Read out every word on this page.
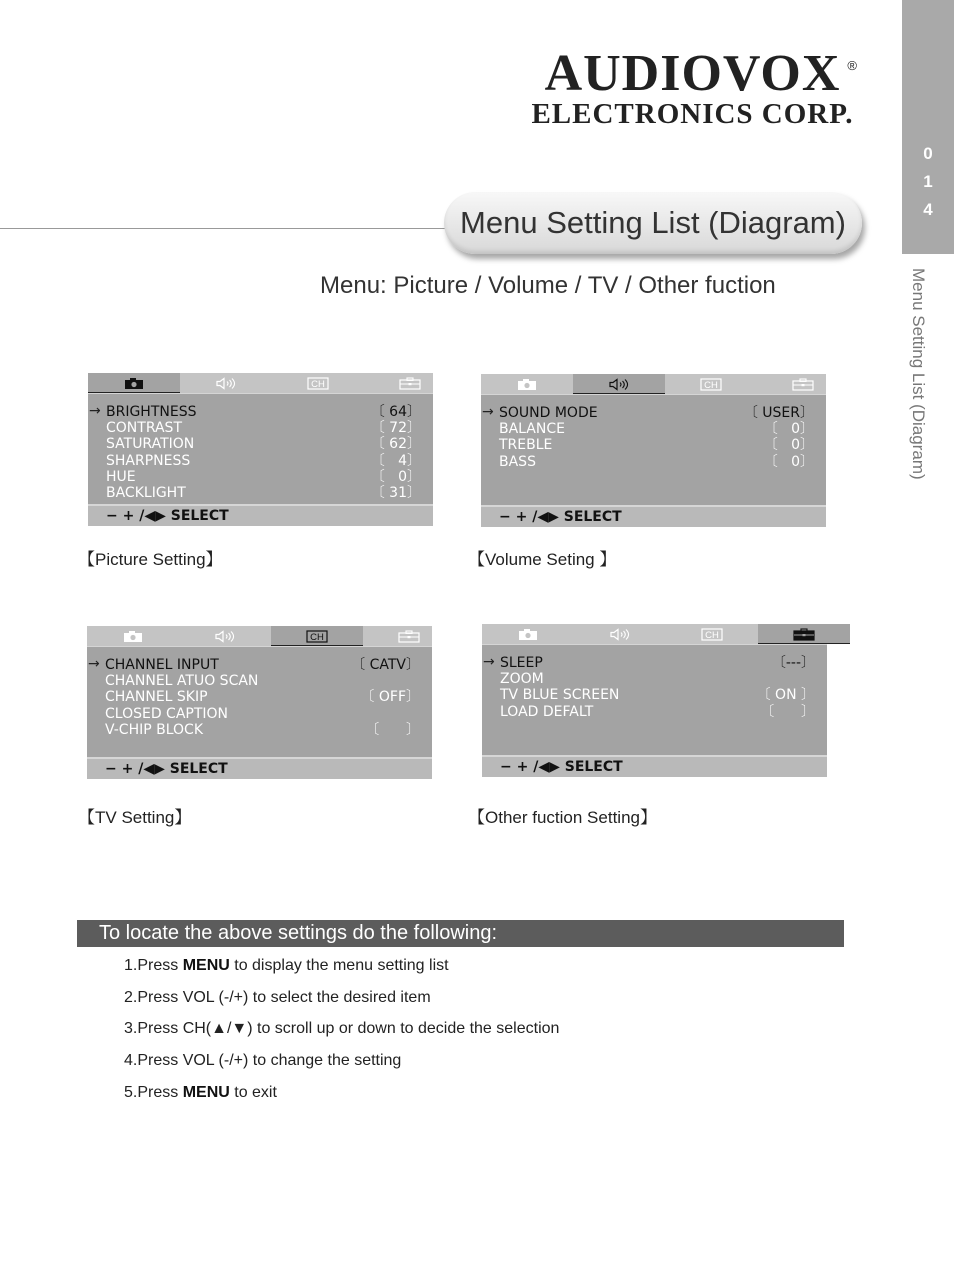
0
1
4
Menu Setting List (Diagram)
AUDIOVOX ®
ELECTRONICS CORP.
Menu Setting List (Diagram)
Menu: Picture / Volume / TV / Other fuction
CH
→ BRIGHTNESS	〔 64〕
CONTRAST	〔 72〕
SATURATION	〔 62〕
SHARPNESS	〔   4〕
HUE	〔   0〕
BACKLIGHT	〔 31〕
− + /◀▶ SELECT
CH
→ SOUND MODE	〔 USER〕
BALANCE	〔   0〕
TREBLE	〔   0〕
BASS	〔   0〕
− + /◀▶ SELECT
CH
→ CHANNEL INPUT	〔 CATV〕
CHANNEL ATUO SCAN
CHANNEL SKIP	〔 OFF〕
CLOSED CAPTION
V-CHIP BLOCK	〔      〕
− + /◀▶ SELECT
CH
→ SLEEP	〔---〕
ZOOM
TV BLUE SCREEN	〔 ON 〕
LOAD DEFALT	〔      〕
− + /◀▶ SELECT
【Picture Setting】	【Volume Seting 】
【TV Setting】	【Other fuction Setting】
To locate the above settings do the following:
1.Press MENU to display the menu setting list
2.Press VOL (-/+) to select the desired item
3.Press CH(▲/▼) to scroll up or down to decide the selection
4.Press VOL (-/+) to change the setting
5.Press MENU to exit
